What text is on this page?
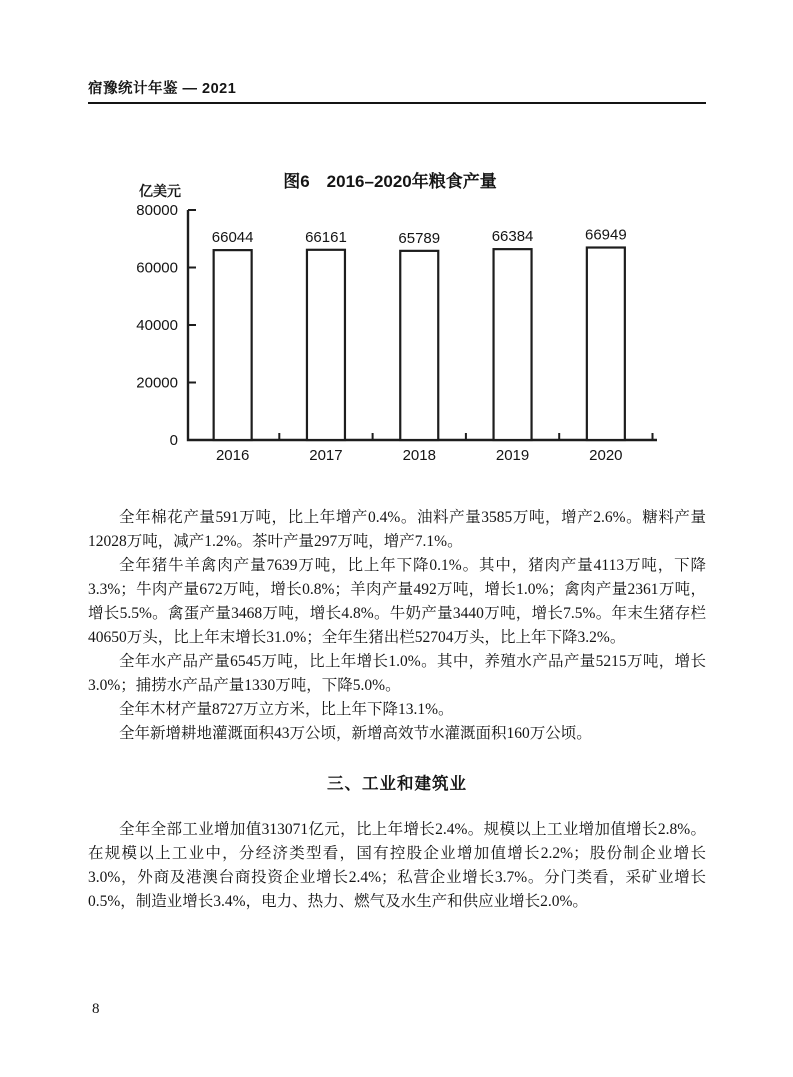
宿豫统计年鉴 — 2021
图6　2016–2020年粮食产量
亿美元
0
20000
40000
60000
80000
66044
2016
66161
2017
65789
2018
66384
2019
66949
2020

全年棉花产量591万吨，比上年增产0.4%。油料产量3585万吨，增产2.6%。糖料产量12028万吨，减产1.2%。茶叶产量297万吨，增产7.1%。

全年猪牛羊禽肉产量7639万吨，比上年下降0.1%。其中，猪肉产量4113万吨，下降3.3%；牛肉产量672万吨，增长0.8%；羊肉产量492万吨，增长1.0%；禽肉产量2361万吨，增长5.5%。禽蛋产量3468万吨，增长4.8%。牛奶产量3440万吨，增长7.5%。年末生猪存栏40650万头，比上年末增长31.0%；全年生猪出栏52704万头，比上年下降3.2%。

全年水产品产量6545万吨，比上年增长1.0%。其中，养殖水产品产量5215万吨，增长3.0%；捕捞水产品产量1330万吨，下降5.0%。

全年木材产量8727万立方米，比上年下降13.1%。

全年新增耕地灌溉面积43万公顷，新增高效节水灌溉面积160万公顷。

三、工业和建筑业

全年全部工业增加值313071亿元，比上年增长2.4%。规模以上工业增加值增长2.8%。在规模以上工业中，分经济类型看，国有控股企业增加值增长2.2%；股份制企业增长3.0%，外商及港澳台商投资企业增长2.4%；私营企业增长3.7%。分门类看，采矿业增长0.5%，制造业增长3.4%，电力、热力、燃气及水生产和供应业增长2.0%。

8
